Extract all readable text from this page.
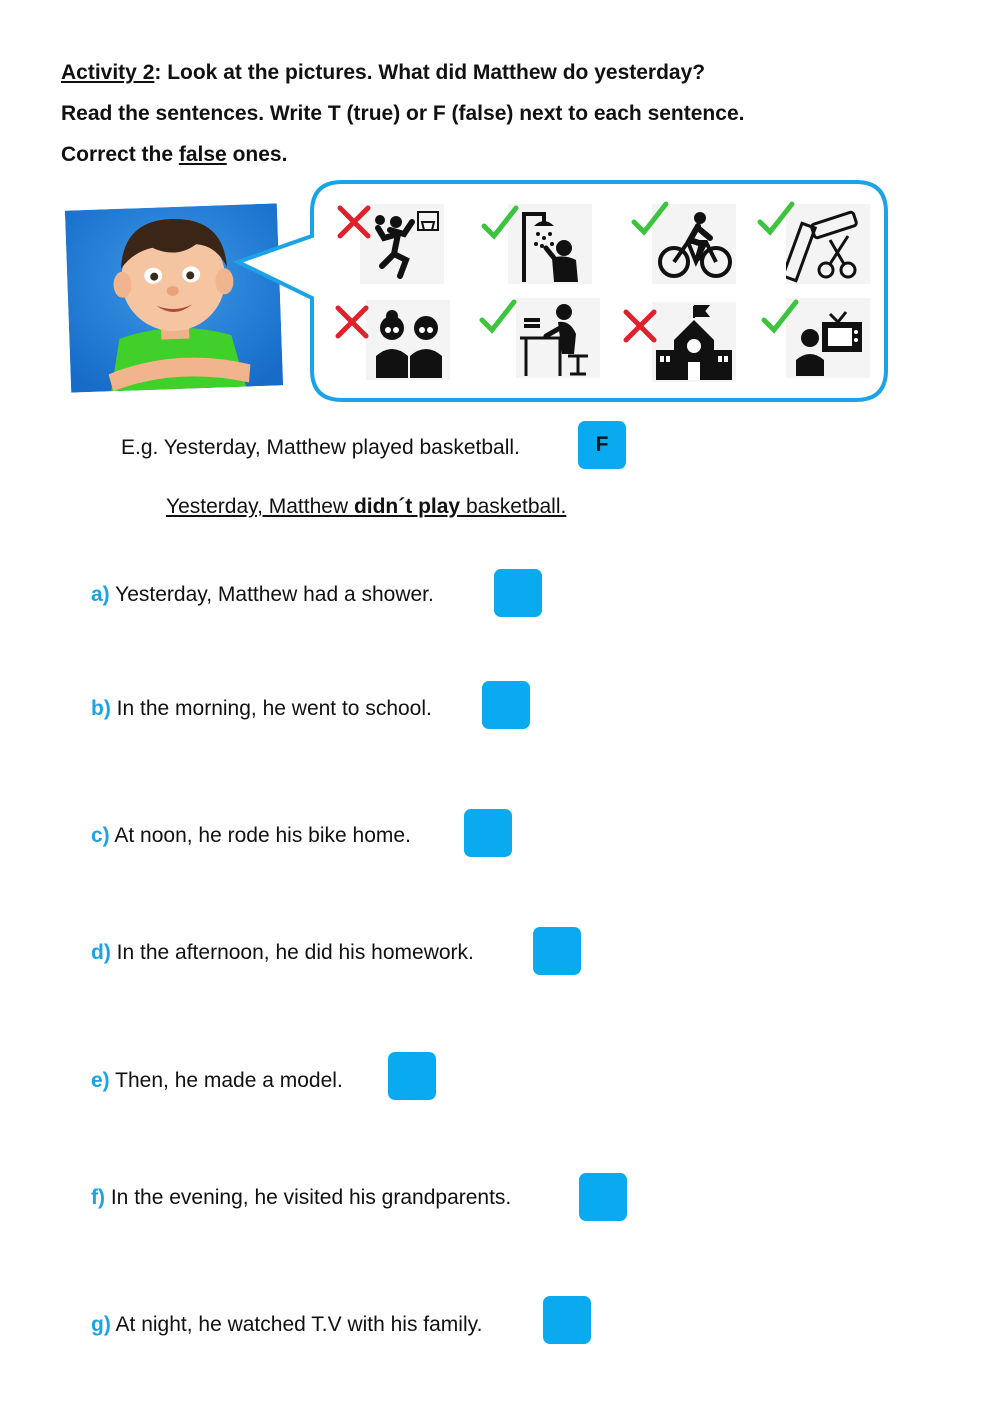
Activity 2: Look at the pictures. What did Matthew do yesterday?
Read the sentences. Write T (true) or F (false) next to each sentence.
Correct the false ones.
E.g. Yesterday, Matthew played basketball.	F
Yesterday, Matthew didn´t play basketball.
a) Yesterday, Matthew had a shower.
b) In the morning, he went to school.
c) At noon, he rode his bike home.
d) In the afternoon, he did his homework.
e) Then, he made a model.
f) In the evening, he visited his grandparents.
g) At night, he watched T.V with his family.
